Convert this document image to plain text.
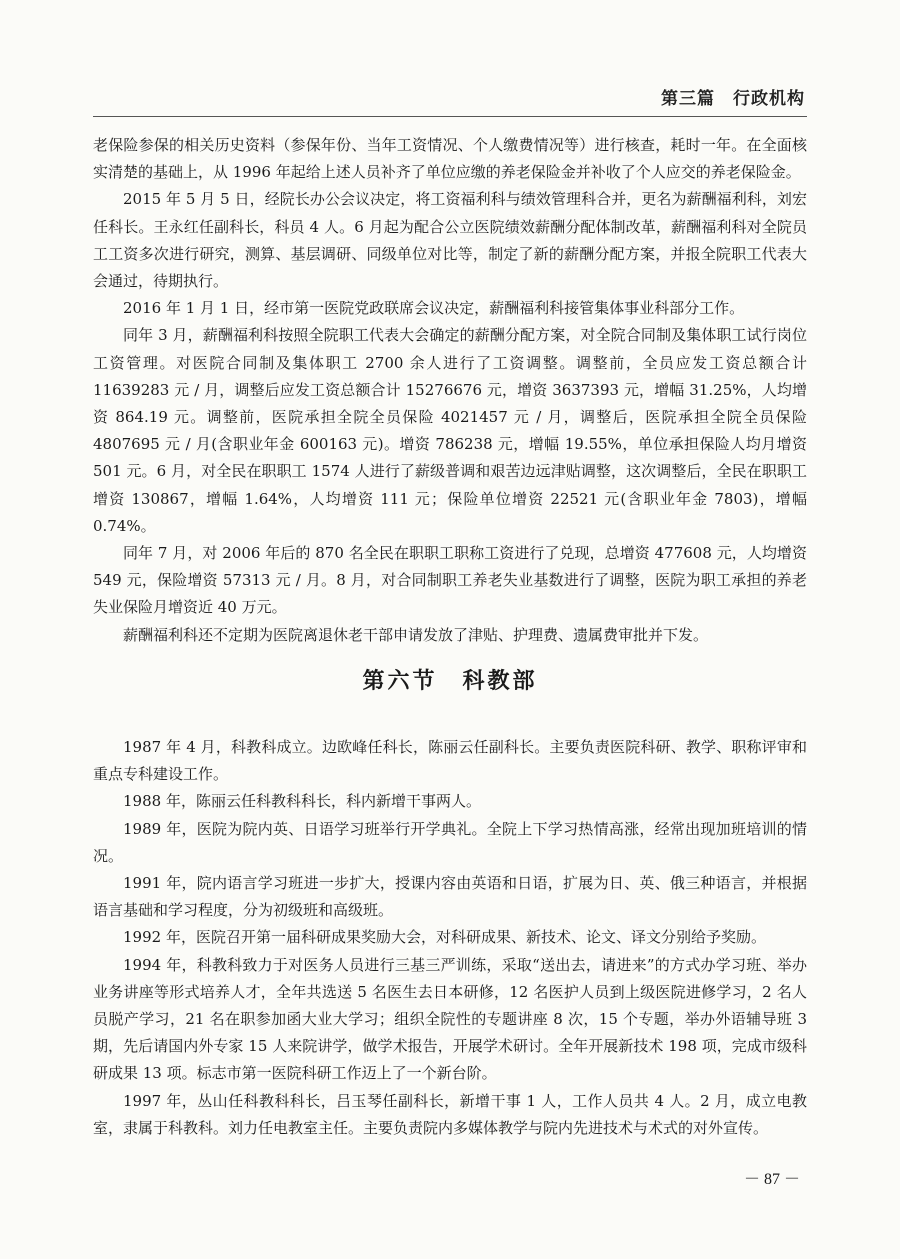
第三篇　行政机构

老保险参保的相关历史资料（参保年份、当年工资情况、个人缴费情况等）进行核查，耗时一年。在全面核实清楚的基础上，从 1996 年起给上述人员补齐了单位应缴的养老保险金并补收了个人应交的养老保险金。

2015 年 5 月 5 日，经院长办公会议决定，将工资福利科与绩效管理科合并，更名为薪酬福利科，刘宏任科长。王永红任副科长，科员 4 人。6 月起为配合公立医院绩效薪酬分配体制改革，薪酬福利科对全院员工工资多次进行研究，测算、基层调研、同级单位对比等，制定了新的薪酬分配方案，并报全院职工代表大会通过，待期执行。

2016 年 1 月 1 日，经市第一医院党政联席会议决定，薪酬福利科接管集体事业科部分工作。

同年 3 月，薪酬福利科按照全院职工代表大会确定的薪酬分配方案，对全院合同制及集体职工试行岗位工资管理。对医院合同制及集体职工 2700 余人进行了工资调整。调整前，全员应发工资总额合计 11639283 元 / 月，调整后应发工资总额合计 15276676 元，增资 3637393 元，增幅 31.25%，人均增资 864.19 元。调整前，医院承担全院全员保险 4021457 元 / 月，调整后，医院承担全院全员保险 4807695 元 / 月(含职业年金 600163 元)。增资 786238 元，增幅 19.55%，单位承担保险人均月增资 501 元。6 月，对全民在职职工 1574 人进行了薪级普调和艰苦边远津贴调整，这次调整后，全民在职职工增资 130867，增幅 1.64%，人均增资 111 元；保险单位增资 22521 元(含职业年金 7803)，增幅 0.74%。

同年 7 月，对 2006 年后的 870 名全民在职职工职称工资进行了兑现，总增资 477608 元，人均增资 549 元，保险增资 57313 元 / 月。8 月，对合同制职工养老失业基数进行了调整，医院为职工承担的养老失业保险月增资近 40 万元。

薪酬福利科还不定期为医院离退休老干部申请发放了津贴、护理费、遗属费审批并下发。

第六节　科教部

1987 年 4 月，科教科成立。边欧峰任科长，陈丽云任副科长。主要负责医院科研、教学、职称评审和重点专科建设工作。

1988 年，陈丽云任科教科科长，科内新增干事两人。

1989 年，医院为院内英、日语学习班举行开学典礼。全院上下学习热情高涨，经常出现加班培训的情况。

1991 年，院内语言学习班进一步扩大，授课内容由英语和日语，扩展为日、英、俄三种语言，并根据语言基础和学习程度，分为初级班和高级班。

1992 年，医院召开第一届科研成果奖励大会，对科研成果、新技术、论文、译文分别给予奖励。

1994 年，科教科致力于对医务人员进行三基三严训练，采取“送出去，请进来”的方式办学习班、举办业务讲座等形式培养人才，全年共选送 5 名医生去日本研修，12 名医护人员到上级医院进修学习，2 名人员脱产学习，21 名在职参加函大业大学习；组织全院性的专题讲座 8 次，15 个专题，举办外语辅导班 3 期，先后请国内外专家 15 人来院讲学，做学术报告，开展学术研讨。全年开展新技术 198 项，完成市级科研成果 13 项。标志市第一医院科研工作迈上了一个新台阶。

1997 年，丛山任科教科科长，吕玉琴任副科长，新增干事 1 人，工作人员共 4 人。2 月，成立电教室，隶属于科教科。刘力任电教室主任。主要负责院内多媒体教学与院内先进技术与术式的对外宣传。

－ 87 －
